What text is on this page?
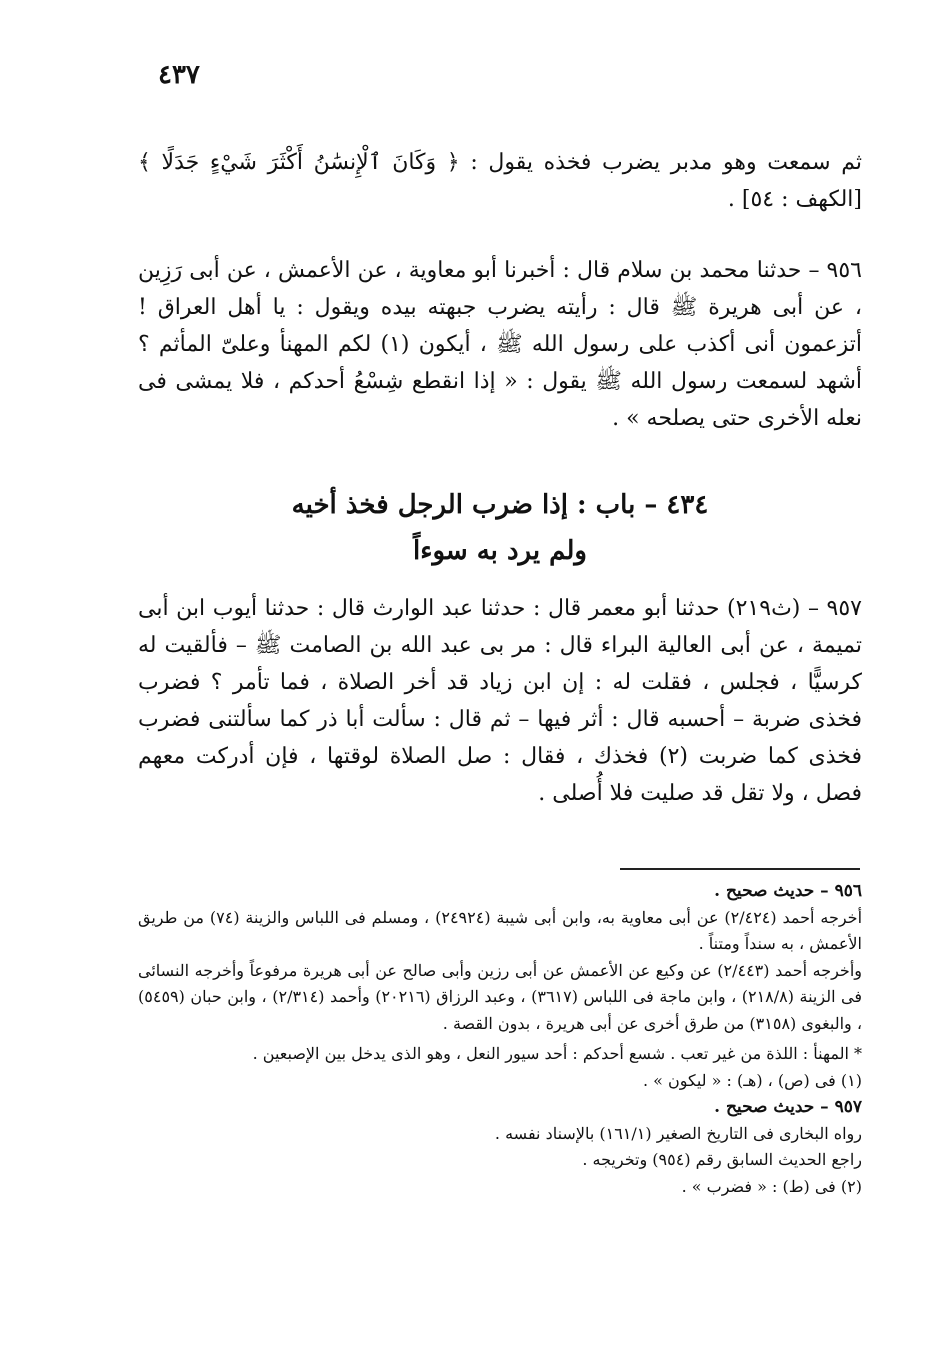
٤٣٧

ثم سمعت وهو مدبر يضرب فخذه يقول : ﴿ وَكَانَ ٱلْإِنسَٰنُ أَكْثَرَ شَيْءٍ جَدَلًا ﴾ [الكهف : ٥٤] .

٩٥٦ – حدثنا محمد بن سلام قال : أخبرنا أبو معاوية ، عن الأعمش ، عن أبى رَزِين ، عن أبى هريرة ﷺ قال : رأيته يضرب جبهته بيده ويقول : يا أهل العراق ! أتزعمون أنى أكذب على رسول الله ﷺ ، أيكون (١) لكم المهنأ وعلىّ المأثم ؟ أشهد لسمعت رسول الله ﷺ يقول : « إذا انقطع شِسْعُ أحدكم ، فلا يمشى فى نعله الأخرى حتى يصلحه » .

٤٣٤ – باب : إذا ضرب الرجل فخذ أخيه
ولم يرد به سوءاً

٩٥٧ – (ث٢١٩) حدثنا أبو معمر قال : حدثنا عبد الوارث قال : حدثنا أيوب ابن أبى تميمة ، عن أبى العالية البراء قال : مر بى عبد الله بن الصامت ﷺ – فألقيت له كرسيًّا ، فجلس ، فقلت له : إن ابن زياد قد أخر الصلاة ، فما تأمر ؟ فضرب فخذى ضربة – أحسبه قال : أثر فيها – ثم قال : سألت أبا ذر كما سألتنى فضرب فخذى كما ضربت (٢) فخذك ، فقال : صل الصلاة لوقتها ، فإن أدركت معهم فصل ، ولا تقل قد صليت فلا أُصلى .

٩٥٦ – حديث صحيح .

أخرجه أحمد (٢/٤٢٤) عن أبى معاوية به، وابن أبى شيبة (٢٤٩٢٤) ، ومسلم فى اللباس والزينة (٧٤) من طريق الأعمش ، به سنداً ومتناً .

وأخرجه أحمد (٢/٤٤٣) عن وكيع عن الأعمش عن أبى رزين وأبى صالح عن أبى هريرة مرفوعاً وأخرجه النسائى فى الزينة (٢١٨/٨) ، وابن ماجة فى اللباس (٣٦١٧) ، وعبد الرزاق (٢٠٢١٦) وأحمد (٢/٣١٤) ، وابن حبان (٥٤٥٩) ، والبغوى (٣١٥٨) من طرق أخرى عن أبى هريرة ، بدون القصة .

* المهنأ : اللذة من غير تعب . شسع أحدكم : أحد سيور النعل ، وهو الذى يدخل بين الإصبعين .

(١) فى (ص) ، (هـ) : « ليكون » .

٩٥٧ – حديث صحيح .

رواه البخارى فى التاريخ الصغير (١٦١/١) بالإسناد نفسه .

راجع الحديث السابق رقم (٩٥٤) وتخريجه .

(٢) فى (ط) : « فضرب » .
